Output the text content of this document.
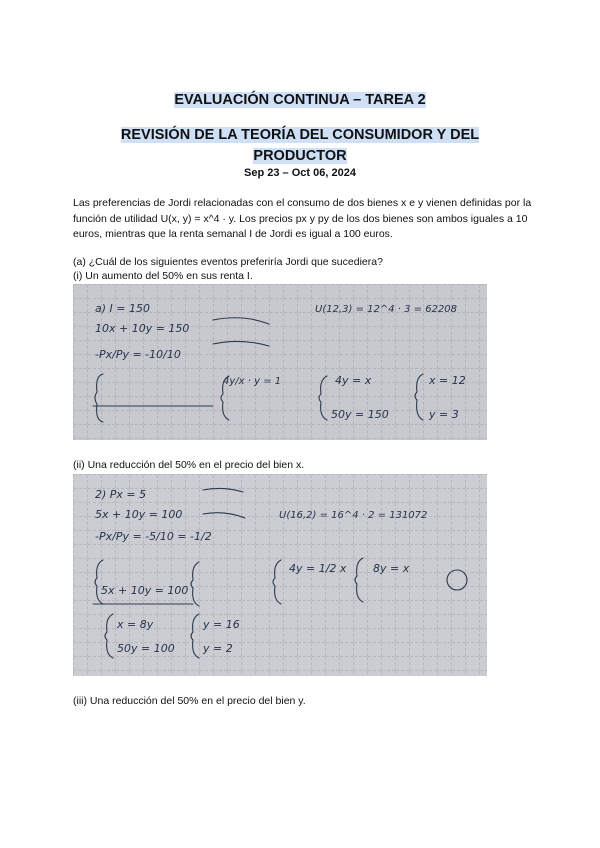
EVALUACIÓN CONTINUA – TAREA 2
REVISIÓN DE LA TEORÍA DEL CONSUMIDOR Y DEL
PRODUCTOR
Sep 23 – Oct 06, 2024
Las preferencias de Jordi relacionadas con el consumo de dos bienes x e y vienen definidas por la función de utilidad U(x, y) = x^4 · y. Los precios px y py de los dos bienes son ambos iguales a 10 euros, mientras que la renta semanal I de Jordi es igual a 100 euros.
(a) ¿Cuál de los siguientes eventos preferiría Jordi que sucediera?
(i) Un aumento del 50% en sus renta I.
a) I = 150
10x + 10y = 150
-Px/Py = -10/10
4y/x · y = 1	x = 12
y = 3
U(12,3) = 12^4 · 3 = 62208
50y = 150
4y = x
(ii) Una reducción del 50% en el precio del bien x.
2) Px = 5
5x + 10y = 100
-Px/Py = -5/10 = -1/2
U(16,2) = 16^4 · 2 = 131072
x = 8y
50y = 100
y = 16
y = 2
5x + 10y = 100
8y = x
4y = 1/2 x
(iii) Una reducción del 50% en el precio del bien y.
